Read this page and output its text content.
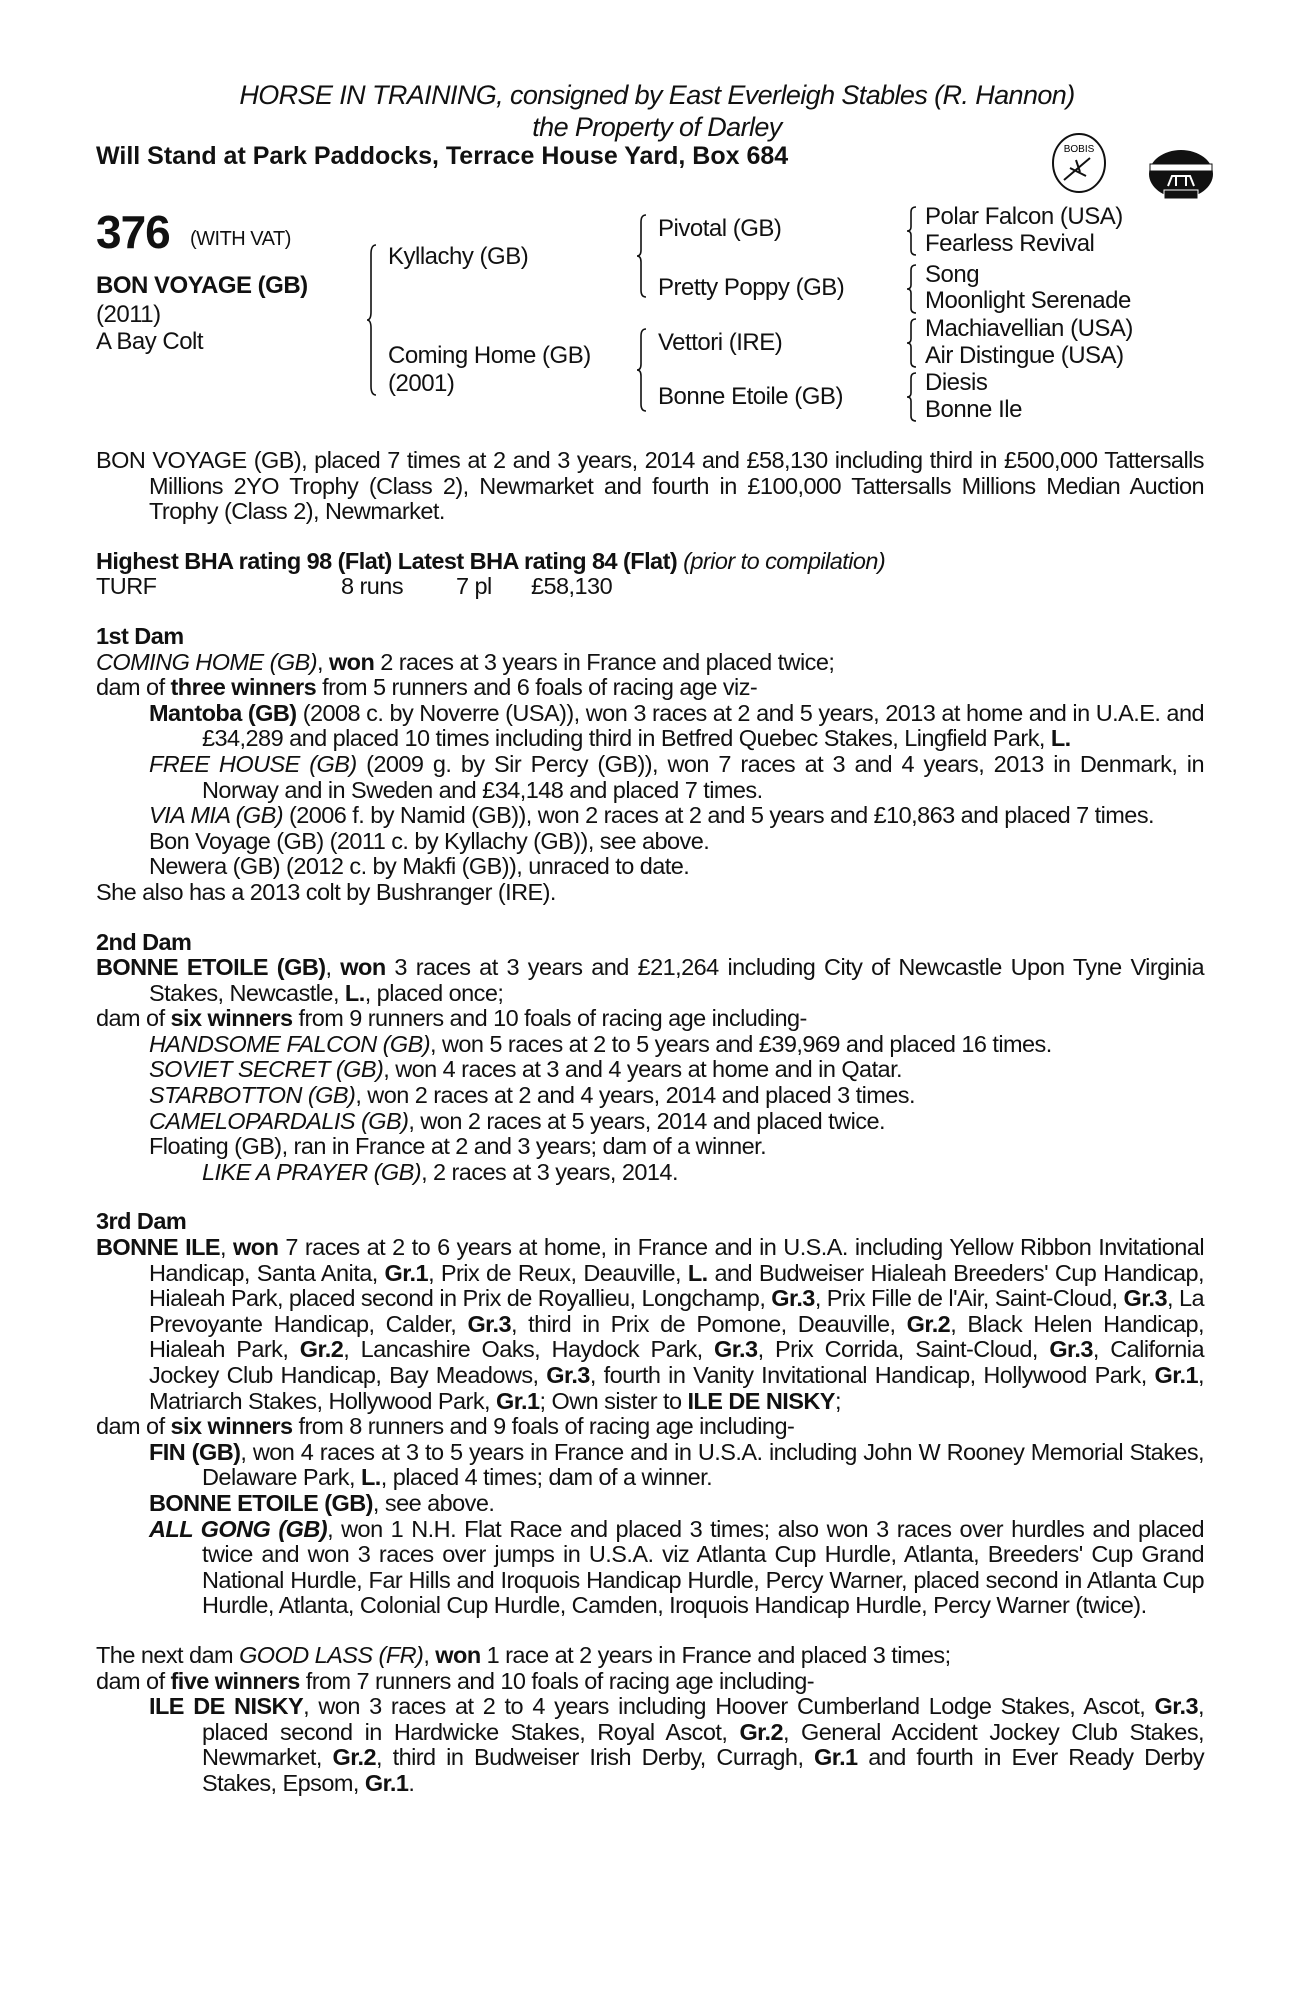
HORSE IN TRAINING, consigned by East Everleigh Stables (R. Hannon)
the Property of Darley
Will Stand at Park Paddocks, Terrace House Yard, Box 684	BOBIS
376 (WITH VAT)
BON VOYAGE (GB)
(2011)
A Bay Colt
Kyllachy (GB)
Coming Home (GB)
(2001)
Pivotal (GB)
Pretty Poppy (GB)
Vettori (IRE)
Bonne Etoile (GB)
Polar Falcon (USA)
Fearless Revival
Song
Moonlight Serenade
Machiavellian (USA)
Air Distingue (USA)
Diesis
Bonne Ile
BON VOYAGE (GB), placed 7 times at 2 and 3 years, 2014 and £58,130 including third in £500,000 Tattersalls Millions 2YO Trophy (Class 2), Newmarket and fourth in £100,000 Tattersalls Millions Median Auction Trophy (Class 2), Newmarket.
Highest BHA rating 98 (Flat) Latest BHA rating 84 (Flat) (prior to compilation)
TURF	8 runs 7 pl £58,130
1st Dam
COMING HOME (GB), won 2 races at 3 years in France and placed twice;
dam of three winners from 5 runners and 6 foals of racing age viz-
Mantoba (GB) (2008 c. by Noverre (USA)), won 3 races at 2 and 5 years, 2013 at home and in U.A.E. and £34,289 and placed 10 times including third in Betfred Quebec Stakes, Lingfield Park, L.
FREE HOUSE (GB) (2009 g. by Sir Percy (GB)), won 7 races at 3 and 4 years, 2013 in Denmark, in Norway and in Sweden and £34,148 and placed 7 times.
VIA MIA (GB) (2006 f. by Namid (GB)), won 2 races at 2 and 5 years and £10,863 and placed 7 times.
Bon Voyage (GB) (2011 c. by Kyllachy (GB)), see above.
Newera (GB) (2012 c. by Makfi (GB)), unraced to date.
She also has a 2013 colt by Bushranger (IRE).
2nd Dam
BONNE ETOILE (GB), won 3 races at 3 years and £21,264 including City of Newcastle Upon Tyne Virginia Stakes, Newcastle, L., placed once;
dam of six winners from 9 runners and 10 foals of racing age including-
HANDSOME FALCON (GB), won 5 races at 2 to 5 years and £39,969 and placed 16 times.
SOVIET SECRET (GB), won 4 races at 3 and 4 years at home and in Qatar.
STARBOTTON (GB), won 2 races at 2 and 4 years, 2014 and placed 3 times.
CAMELOPARDALIS (GB), won 2 races at 5 years, 2014 and placed twice.
Floating (GB), ran in France at 2 and 3 years; dam of a winner.
LIKE A PRAYER (GB), 2 races at 3 years, 2014.
3rd Dam
BONNE ILE, won 7 races at 2 to 6 years at home, in France and in U.S.A. including Yellow Ribbon Invitational Handicap, Santa Anita, Gr.1, Prix de Reux, Deauville, L. and Budweiser Hialeah Breeders' Cup Handicap, Hialeah Park, placed second in Prix de Royallieu, Longchamp, Gr.3, Prix Fille de l'Air, Saint-Cloud, Gr.3, La Prevoyante Handicap, Calder, Gr.3, third in Prix de Pomone, Deauville, Gr.2, Black Helen Handicap, Hialeah Park, Gr.2, Lancashire Oaks, Haydock Park, Gr.3, Prix Corrida, Saint-Cloud, Gr.3, California Jockey Club Handicap, Bay Meadows, Gr.3, fourth in Vanity Invitational Handicap, Hollywood Park, Gr.1, Matriarch Stakes, Hollywood Park, Gr.1; Own sister to ILE DE NISKY;
dam of six winners from 8 runners and 9 foals of racing age including-
FIN (GB), won 4 races at 3 to 5 years in France and in U.S.A. including John W Rooney Memorial Stakes, Delaware Park, L., placed 4 times; dam of a winner.
BONNE ETOILE (GB), see above.
ALL GONG (GB), won 1 N.H. Flat Race and placed 3 times; also won 3 races over hurdles and placed twice and won 3 races over jumps in U.S.A. viz Atlanta Cup Hurdle, Atlanta, Breeders' Cup Grand National Hurdle, Far Hills and Iroquois Handicap Hurdle, Percy Warner, placed second in Atlanta Cup Hurdle, Atlanta, Colonial Cup Hurdle, Camden, Iroquois Handicap Hurdle, Percy Warner (twice).
The next dam GOOD LASS (FR), won 1 race at 2 years in France and placed 3 times;
dam of five winners from 7 runners and 10 foals of racing age including-
ILE DE NISKY, won 3 races at 2 to 4 years including Hoover Cumberland Lodge Stakes, Ascot, Gr.3, placed second in Hardwicke Stakes, Royal Ascot, Gr.2, General Accident Jockey Club Stakes, Newmarket, Gr.2, third in Budweiser Irish Derby, Curragh, Gr.1 and fourth in Ever Ready Derby Stakes, Epsom, Gr.1.
